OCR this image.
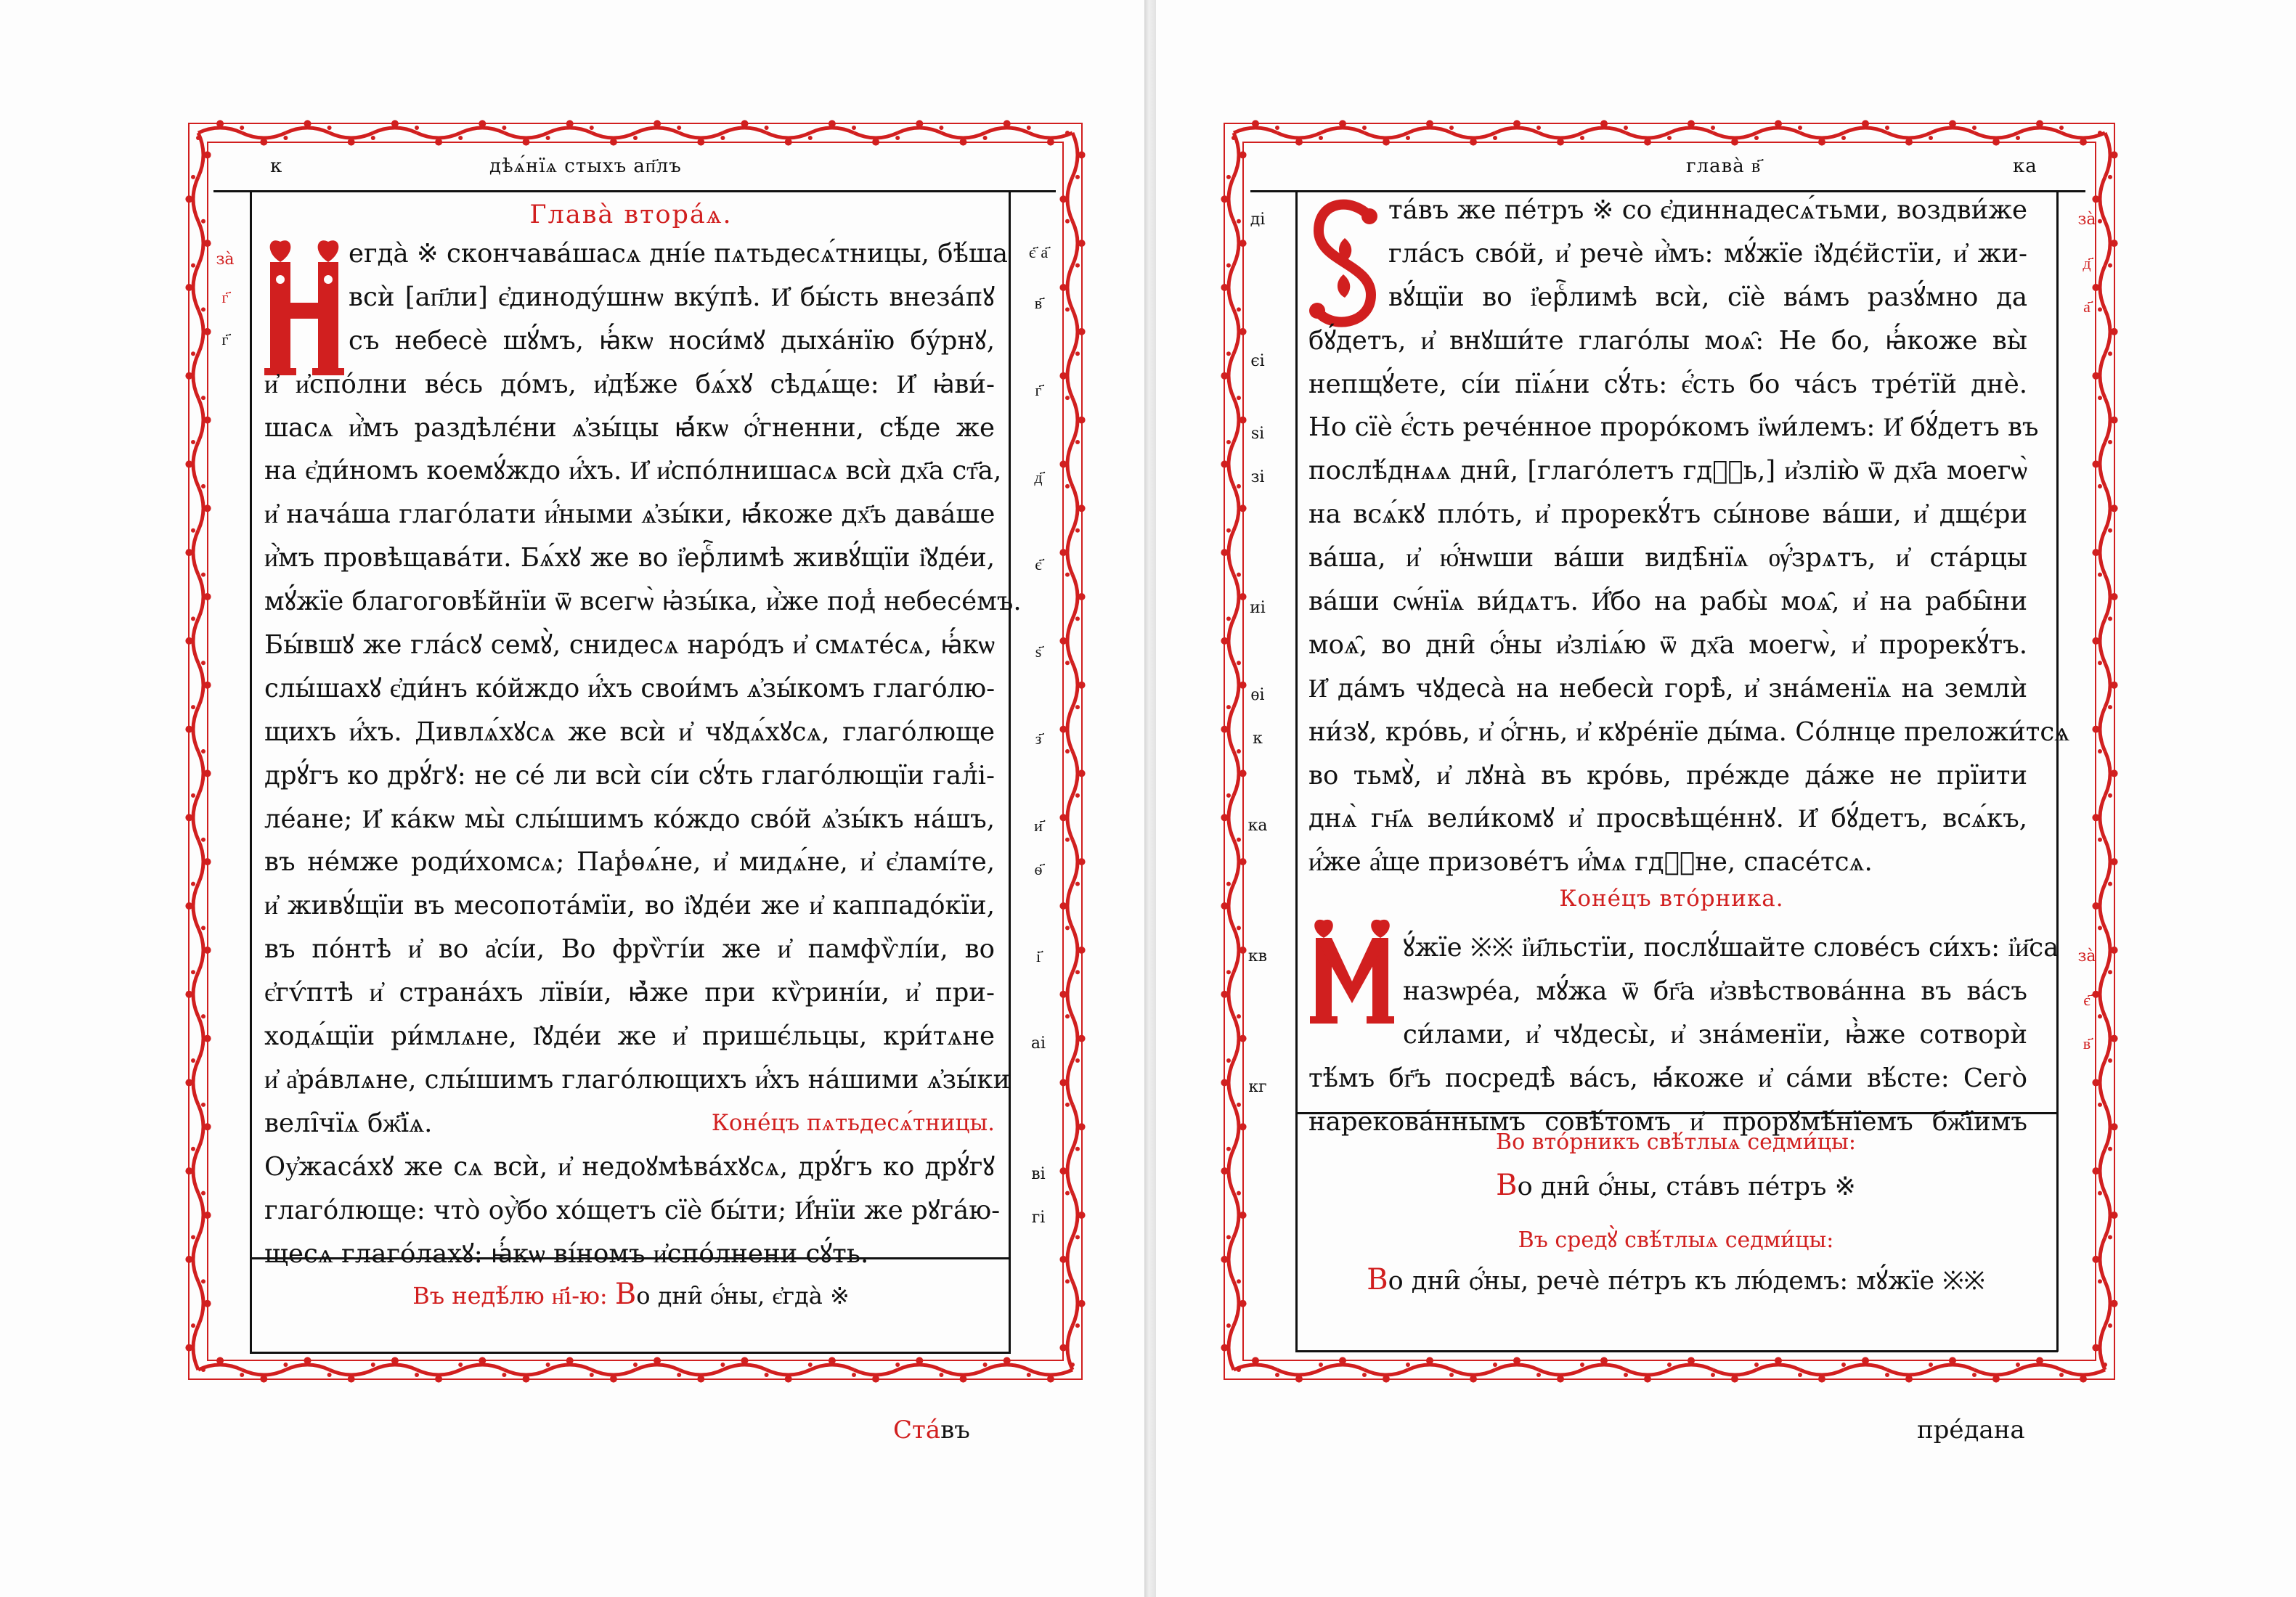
к	дѣѧ́нїѧ стыхъ ап҃лъ
Глава̀ втора́ѧ.
егда̀ ※ скончава́шасѧ дні́е пѧтьдесѧ́тницы, бѣ́ша
всѝ [ап҃ли] є҆диноду́шнѡ вку́пѣ. И҆ бы́сть внеза́пꙋ
съ небесѐ шꙋ́мъ, ꙗ҆́кѡ носи́мꙋ дыха́нїю бу́рнꙋ,
и҆ и҆спо́лни ве́сь до́мъ, и҆дѣ́же бѧ́хꙋ сѣдѧ́ще: И҆ ꙗ҆ви́-
шасѧ и҆̀мъ раздѣлє́ни ѧ҆зы́цы ꙗ҆́кѡ ѻ҆́гненни, сѣ́де же
на є҆ди́номъ коемꙋ́ждо и҆́хъ. И҆ и҆спо́лнишасѧ всѝ дх҃а ст҃а,
и҆ нача́ша глаго́лати и҆́ными ѧ҆зы́ки, ꙗ҆́коже дх҃ъ дава́ше
и҆̀мъ провѣщава́ти. Бѧ́хꙋ же во і҆ерⷭ҇лимѣ живꙋ́щїи і҆ꙋде́и,
мꙋ́жїе благоговѣ́йнїи ѿ всегѡ̀ ꙗ҆зы́ка, и҆̀же под̾ небесе́мъ.
Бы́вшꙋ же гла́сꙋ семꙋ̀, снидесѧ наро́дъ и҆ смѧте́сѧ, ꙗ҆́кѡ
слы́шахꙋ є҆ди́нъ ко́йждо и҆́хъ свои́мъ ѧ҆зы́комъ глаго́лю-
щихъ и҆́хъ. Дивлѧ́хꙋсѧ же всѝ и҆ чꙋдѧ́хꙋсѧ, глаго́люще
дрꙋ́гъ ко дрꙋ́гꙋ: не се́ ли всѝ сі́и сꙋ́ть глаго́лющїи гал̾і-
ле́ане; И҆ ка́кѡ мы̀ слы́шимъ ко́ждо сво́й ѧ҆зы́къ на́шъ,
въ не́мже роди́хомсѧ; Пар̾ѳѧ́не, и҆ мидѧ́не, и҆ є҆ламі́те,
и҆ живꙋ́щїи въ месопота́мїи, во і҆ꙋде́и же и҆ каппадо́кїи,
въ по́нтѣ и҆ во а҆сі́и, Во фрѷгі́и же и҆ памфѷлі́и, во
є҆гѵ́птѣ и҆ страна́хъ лїві́и, ꙗ҆̀же при кѷрині́и, и҆ при-
ходѧ́щїи ри́млѧне, І҆ꙋде́и же и҆ пришє́льцы, кри́тѧне
и҆ а҆ра́влѧне, слы́шимъ глаго́лющихъ и҆́хъ на́шими ѧ҆зы́ки
велі̑чїѧ бж҃їѧ.	Коне́цъ пѧтьдесѧ́тницы.
Оу҆жаса́хꙋ же сѧ всѝ, и҆ недоꙋмѣва́хꙋсѧ, дрꙋ́гъ ко дрꙋ́гꙋ
глаго́люще: что̀ оу҆̀бо хо́щетъ сїѐ бы́ти; И҆́нїи же рꙋга́ю-
щесѧ глаго́лахꙋ: ꙗ҆́кѡ ві́номъ и҆спо́лнени сꙋ́ть.
Въ недѣ́лю н҃і-ю: Во дни̑ ѻ҆́ны, є҆гда̀ ※
за̀
г҃
г҃
є҃ а҃
в҃
г҃
д҃
є҃
ѕ҃
з҃
и҃
ѳ҃
і҃
аі
ві
гі
Ста́въ
глава̀ в҃	ка
та́въ же пе́тръ ※ со є҆диннадесѧ́тьми, воздви́же
гла́съ сво́й, и҆ речѐ и҆̀мъ: мꙋ́жїе і҆ꙋдє́йстїи, и҆ жи-
вꙋ́щїи во і҆ерⷭ҇лимѣ всѝ, сїѐ ва́мъ разꙋ́мно да
бꙋ́детъ, и҆ внꙋши́те глаго́лы моѧ̑: Не бо, ꙗ҆́коже вы̀
непщꙋ́ете, сі́и пїѧ́ни сꙋ́ть: є҆́сть бо ча́съ тре́тїй днѐ.
Но сїѐ є҆́сть рече́нное проро́комъ і҆ѡи́лемъ: И҆ бꙋ́детъ въ
послѣ́днѧѧ дни̑, [глаго́летъ гдⷭ҇ь,] и҆злію̀ ѿ дх҃а моегѡ̀
на всѧ́кꙋ пло́ть, и҆ прорекꙋ́тъ сы́нове ва́ши, и҆ дщє́ри
ва́ша, и҆ ю҆́нѡши ва́ши видѣ̑нїѧ ѹ҆́зрѧтъ, и҆ ста́рцы
ва́ши сѡ́нїѧ ви́дѧтъ. И҆́бо на рабы̀ моѧ̑, и҆ на рабы̑ни
моѧ̑, во дни̑ ѻ҆́ны и҆зліѧ́ю ѿ дх҃а моегѡ̀, и҆ прорекꙋ́тъ.
И҆ да́мъ чꙋдеса̀ на небесѝ горѣ̀, и҆ зна́менїѧ на землѝ
ни́зꙋ, кро́вь, и҆ ѻ҆́гнь, и҆ кꙋре́нїе ды́ма. Со́лнце преложи́тсѧ
во тьмꙋ̀, и҆ лꙋна̀ въ кро́вь, пре́жде да́же не прїити
днѧ̀ гн҃ѧ вели́комꙋ и҆ просвѣще́ннꙋ. И҆ бꙋ́детъ, всѧ́къ,
и҆́же а҆́ще призове́тъ и҆́мѧ гдⷭ҇не, спасе́тсѧ.
Коне́цъ вто́рника.
ꙋ́жїе ※※ і҆и҃льстїи, послꙋ́шайте слове́съ си́хъ: і҆и҃са
назѡре́а, мꙋ́жа ѿ бг҃а и҆звѣствова́нна въ ва́съ
си́лами, и҆ чꙋдесы̀, и҆ зна́менїи, ꙗ҆̀же сотворѝ
тѣ́мъ бг҃ъ посредѣ̀ ва́съ, ꙗ҆́коже и҆ са́ми вѣ́сте: Сего̀
нарекова́ннымъ совѣ́томъ и҆ прорꙋмѣ́нїемъ бж҃їимъ
Во вто́рникъ свѣ́тлыѧ седми́цы:
Во дни̑ ѻ҆́ны, ста́въ пе́тръ ※
Въ средꙋ̀ свѣ́тлыѧ седми́цы:
Во дни̑ ѻ҆́ны, речѐ пе́тръ къ лю́демъ: мꙋ́жїе ※※
ді
єі
ѕі
зі
иі
ѳі
к
ка
кв
кг
за̀
д҃
а҃
за̀
є҃
в҃
пре́дана
